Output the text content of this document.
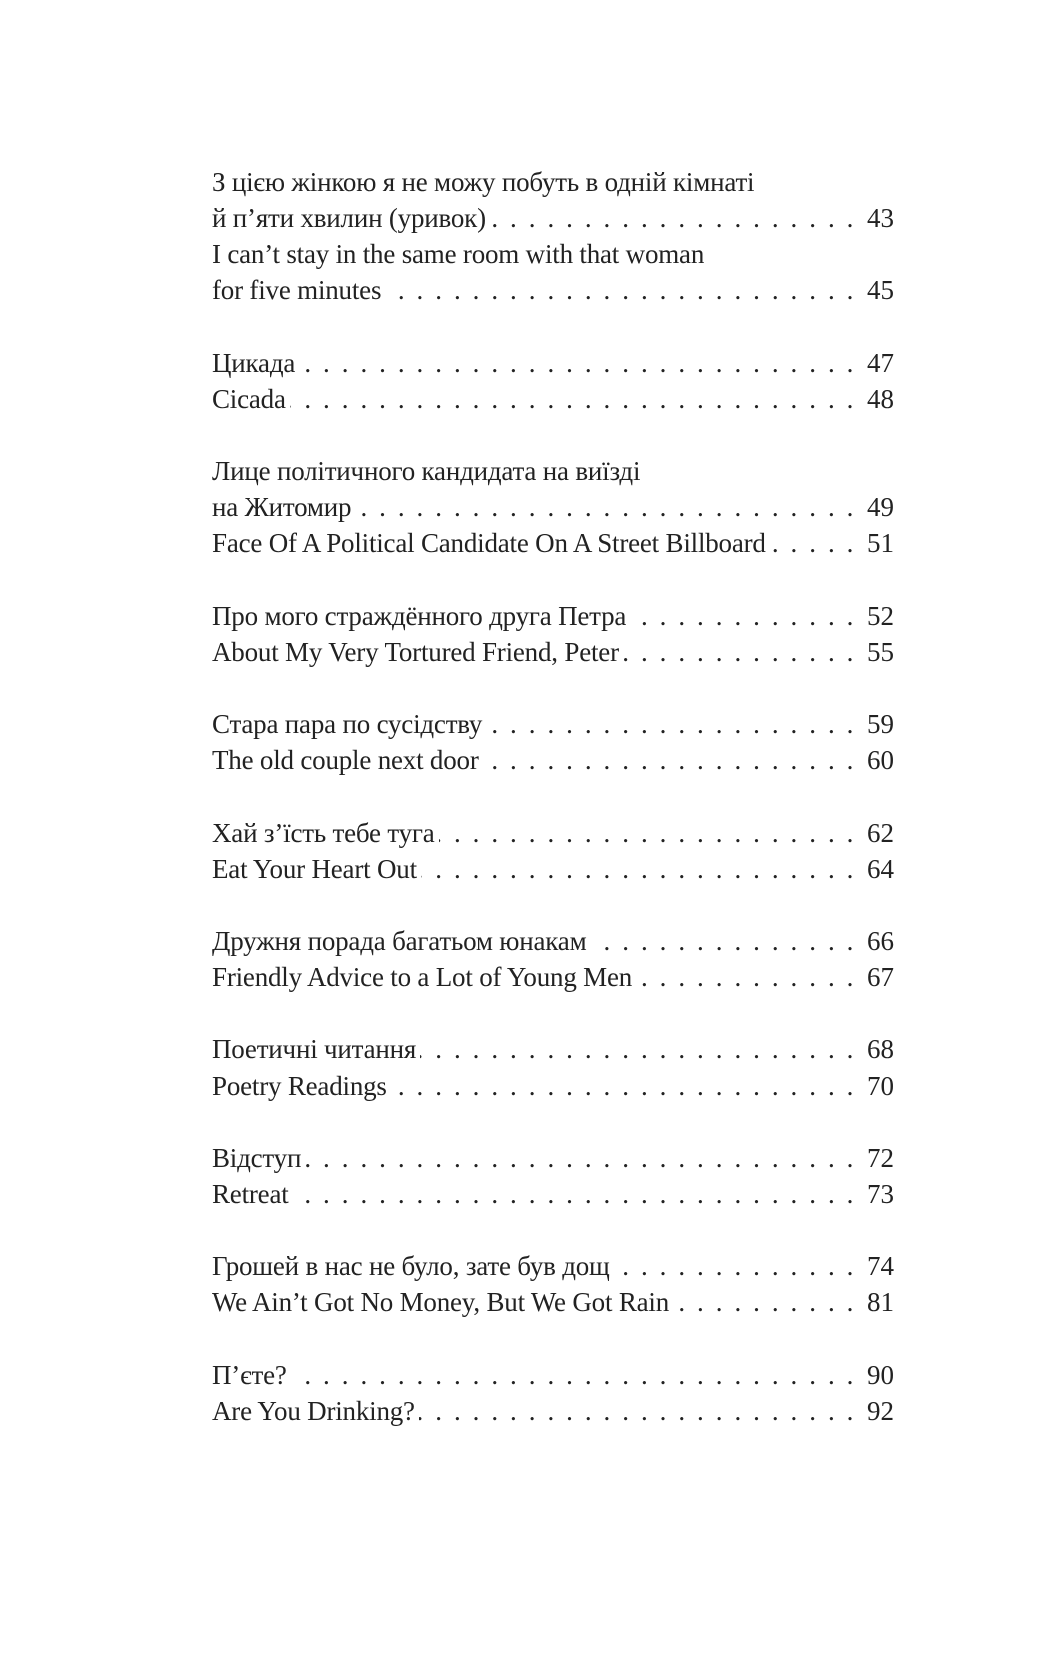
З цією жінкою я не можу побуть в одній кімнаті
й п’яти хвилин (уривок) . . .	43
I can’t stay in the same room with that woman
for five minutes . . .	45
Цикада . . .	47
Cicada . . .	48
Лице політичного кандидата на виїзді
на Житомир . . .	49
Face Of A Political Candidate On A Street Billboard . . .	51
Про мого страждённого друга Петра . . .	52
About My Very Tortured Friend, Peter . . .	55
Стара пара по сусідству . . .	59
The old couple next door . . .	60
Хай з’їсть тебе туга . . .	62
Eat Your Heart Out . . .	64
Дружня порада багатьом юнакам . . .	66
Friendly Advice to a Lot of Young Men . . .	67
Поетичні читання . . .	68
Poetry Readings . . .	70
Відступ . . .	72
Retreat . . .	73
Грошей в нас не було, зате був дощ . . .	74
We Ain’t Got No Money, But We Got Rain . . .	81
П’єте? . . .	90
Are You Drinking? . . .	92
